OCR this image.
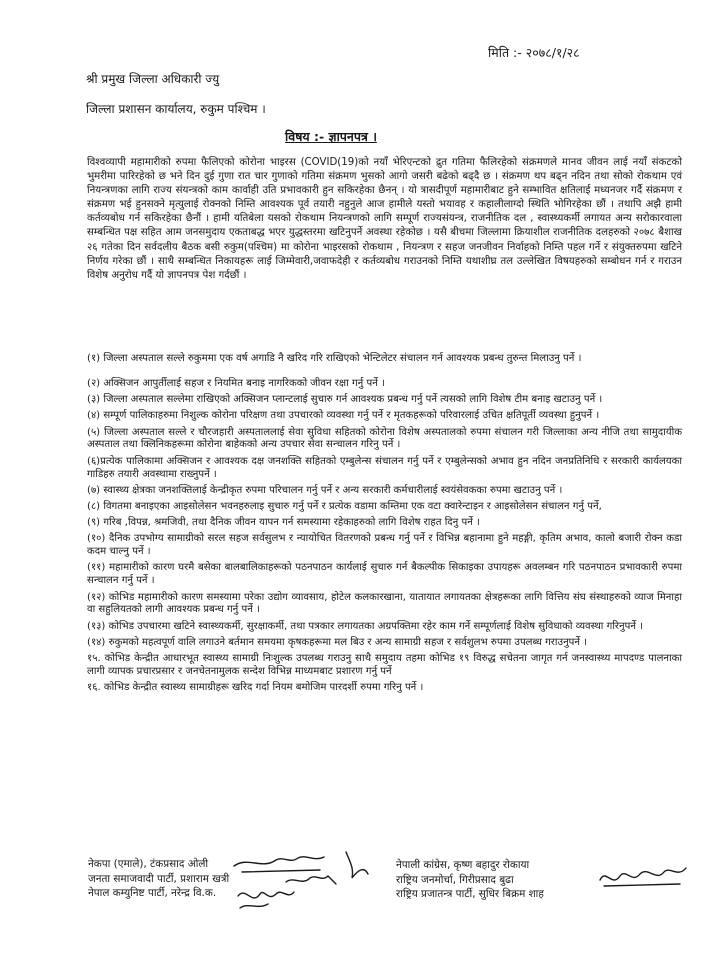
मिति :- २०७८/१/२८
श्री प्रमुख जिल्ला अधिकारी ज्यु
जिल्ला प्रशासन कार्यालय, रुकुम पश्चिम ।
विषय :- ज्ञापनपत्र ।

विश्वव्यापी महामारीको रुपमा फैलिएको कोरोना भाइरस (COVID(19)को नयाँ भेरिएन्टको द्रुत गतिमा फैलिरहेको संक्रमणले मानव जीवन लाई नयाँ संकटको भुमरीमा पारिरहेको छ भने दिन दुई गुणा रात चार गुणाको गतिमा संक्रमण भुसको आगो जसरी बढेको बढ्दै छ । संक्रमण थप बढ्न नदिन तथा सोको रोकथाम एवं नियन्त्रणका लागि राज्य संयन्त्रको काम कार्वाही उति प्रभावकारी हुन सकिरहेका छैनन् । यो त्रासदीपूर्ण महामारीबाट हुने सम्भावित क्षतिलाई मध्यनजर गर्दै संक्रमण र संक्रमण भई हुनसक्ने मृत्युलाई रोक्नको निम्ति आवश्यक पूर्व तयारी नहुनुले आज हामीले यस्तो भयावह र कहालीलाग्दो स्थिति भोगिरहेका छौं । तथापि अझै हामी कर्तव्यबोध गर्न सकिरहेका छैनौं । हामी यतिबेला यसको रोकथाम नियन्त्रणको लागि सम्पूर्ण राज्यसंयन्त्र, राजनीतिक दल , स्वास्थ्यकर्मी लगायत अन्य सरोकारवाला सम्बन्धित पक्ष सहित आम जनसमुदाय एकताबद्ध भएर युद्धस्तरमा खटिनुपर्ने अवस्था रहेकोछ । यसै बीचमा जिल्लामा क्रियाशील राजनीतिक दलहरुको २०७८ बैशाख २६ गतेका दिन सर्वदलीय बैठक बसी रुकुम(पश्चिम) मा कोरोना भाइरसको रोकथाम , नियन्त्रण र सहज जनजीवन निर्वाहको निम्ति पहल गर्ने र संयुक्तरुपमा खटिने निर्णय गरेका छौं । साथै सम्बन्धित निकायहरू लाई जिम्मेवारी,जवाफदेही र कर्तव्यबोध गराउनको निम्ति यथाशीघ्र तल उल्लेखित विषयहरुको सम्बोधन गर्न र गराउन विशेष अनुरोध गर्दै यो ज्ञापनपत्र पेश गर्दछौं ।

(१) जिल्ला अस्पताल सल्ले रुकुममा एक वर्ष अगाडि नै खरिद गरि राखिएको भेन्टिलेटर संचालन गर्न आवश्यक प्रबन्ध तुरुन्त मिलाउनु पर्ने ।
(२) अक्सिजन आपुर्तीलाई सहज र नियमित बनाइ नागरिकको जीवन रक्षा गर्नु पर्ने ।
(३) जिल्ला अस्पताल सल्लेमा राखिएको अक्सिजन प्लान्टलाई सुचारु गर्न आवश्यक प्रबन्ध गर्नु पर्ने त्यसको लागि विशेष टीम बनाइ खटाउनु पर्ने ।
(४) सम्पूर्ण पालिकाहरुमा निशुल्क कोरोना परिक्षण तथा उपचारको व्यवस्था गर्नु पर्ने र मृतकहरूको परिवारलाई उचित क्षतिपूर्ती व्यवस्था हुनुपर्ने ।
(५) जिल्ला अस्पताल सल्ले र चौरजहारी अस्पताललाई सेवा सुविधा सहितको कोरोना विशेष अस्पतालको रुपमा संचालन गरी जिल्लाका अन्य नीजि तथा सामुदायीक अस्पताल तथा क्लिनिकहरूमा कोरोना बाहेकको अन्य उपचार सेवा सन्चालन गरिनु पर्ने ।
(६)प्रत्येक पालिकामा अक्सिजन र आवश्यक दक्ष जनशक्ति सहितको एम्बुलेन्स संचालन गर्नु पर्ने र एम्बुलेन्सको अभाव हुन नदिन जनप्रतिनिधि र सरकारी कार्यलयका गाडिहरु तयारी अवस्थामा राख्नुपर्ने ।
(७) स्वास्थ्य क्षेत्रका जनशक्तिलाई केन्द्रीकृत रुपमा परिचालन गर्नु पर्ने र अन्य सरकारी कर्मचारीलाई स्वयंसेवकका रुपमा खटाउनु पर्ने ।
(८) विगतमा बनाइएका आइसोलेसन भवनहरुलाइ सुचारु गर्नु पर्ने र प्रत्येक वडामा कम्तिमा एक वटा क्वारेन्टाइन र आइसोलेसन संचालन गर्नु पर्ने,
(९) गरिब ,विपन्न, श्रमजिवी, तथा दैनिक जीवन यापन गर्न समस्यामा रहेकाहरुको लागि विशेष राहत दिनु पर्ने ।
(१०) दैनिक उपभोग्य सामाग्रीको सरल सहज सर्वसुलभ र न्यायोचित वितरणको प्रबन्ध गर्नु पर्ने र विभिन्न बहानामा हुने महङ्गी, कृतिम अभाव, कालो बजारी रोक्न कडा कदम चाल्नु पर्ने ।
(११) महामारीको कारण घरमै बसेका बालबालिकाहरूको पठनपाठन कार्यलाई सुचारु गर्न बैकल्पीक सिकाइका उपायहरू अवलम्बन गरि पठनपाठन प्रभावकारी रुपमा सन्चालन गर्नु पर्ने ।
(१२) कोभिड महामारीको कारण समस्यामा परेका उद्योग व्यावसाय, होटेल कलकारखाना, यातायात लगायतका क्षेत्रहरूका लागि वित्तिय संघ संस्थाहरुको व्याज मिनाहा वा सहुलियतको लागी आवश्यक प्रबन्ध गर्नु पर्ने ।
(१३) कोभिड उपचारमा खटिने स्वास्थ्यकर्मी, सुरक्षाकर्मी, तथा पत्रकार लगायतका अग्रपक्तिमा रहेर काम गर्ने सम्पूर्णलाई विशेष सुविधाको व्यवस्था गरिनुपर्ने ।
(१४) रुकुमको महत्वपूर्ण वालि लगाउने बर्तमान समयमा कृषकहरूमा मल बिउ र अन्य सामाग्री सहज र सर्वशुलभ रुपमा उपलब्ध गराउनुपर्ने ।
१५. कोभिड केन्द्रीत आधारभूत स्वास्थ्य सामाग्री निःशुल्क उपलब्ध गराउनु साथै समुदाय तहमा कोभिड १९ विरुद्ध सचेतना जागृत गर्न जनस्वास्थ्य मापदण्ड पालनाका लागी व्यापक प्रचारप्रसार र जनचेतनामुलक सन्देश विभिन्न माध्यमबाट प्रशारण गर्नु पर्ने
१६. कोभिड केन्द्रीत स्वास्थ्य सामाग्रीहरू खरिद गर्दा नियम बमोजिम पारदर्शी रुपमा गरिनु पर्ने ।
नेकपा (एमाले), टंकप्रसाद ओली
जनता समाजवादी पार्टी, प्रशाराम खत्री
नेपाल कम्युनिष्ट पार्टी, नरेन्द्र वि.क.
नेपाली कांग्रेस, कृष्ण बहादुर रोकाया
राष्ट्रिय जनमोर्चा, गिरीप्रसाद बुढा
राष्ट्रिय प्रजातन्त्र पार्टी, सुधिर बिक्रम शाह
